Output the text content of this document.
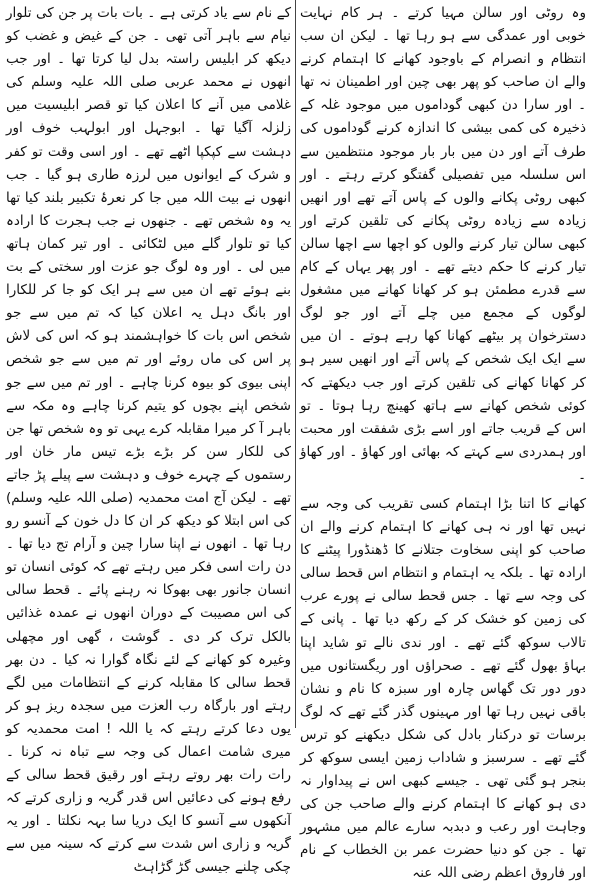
وہ روٹی اور سالن مہیا کرتے ۔ ہر کام نہایت خوبی اور عمدگی سے ہو رہا تھا ۔ لیکن ان سب انتظام و انصرام کے باوجود کھانے کا اہتمام کرنے والے ان صاحب کو پھر بھی چین اور اطمینان نہ تھا ۔ اور سارا دن کبھی گوداموں میں موجود غلہ کے ذخیرہ کی کمی بیشی کا اندازہ کرنے گوداموں کی طرف آتے اور دن میں بار بار موجود منتظمین سے اس سلسلہ میں تفصیلی گفتگو کرتے رہتے ۔ اور کبھی روٹی پکانے والوں کے پاس آتے تھے اور انھیں زیادہ سے زیادہ روٹی پکانے کی تلقین کرتے اور کبھی سالن تیار کرنے والوں کو اچھا سے اچھا سالن تیار کرنے کا حکم دیتے تھے ۔ اور پھر یہاں کے کام سے قدرے مطمئن ہو کر کھانا کھانے میں مشغول لوگوں کے مجمع میں چلے آتے اور جو لوگ دسترخوان پر بیٹھے کھانا کھا رہے ہوتے ۔ ان میں سے ایک ایک شخص کے پاس آتے اور انھیں سیر ہو کر کھانا کھانے کی تلقین کرتے اور جب دیکھتے کہ کوئی شخص کھانے سے ہاتھ کھینچ رہا ہوتا ۔ تو اس کے قریب جاتے اور اسے بڑی شفقت اور محبت اور ہمدردی سے کہتے کہ بھائی اور کھاؤ ۔ اور کھاؤ ۔

کھانے کا اتنا بڑا اہتمام کسی تقریب کی وجہ سے نہیں تھا اور نہ ہی کھانے کا اہتمام کرنے والے ان صاحب کو اپنی سخاوت جتلانے کا ڈھنڈورا پیٹنے کا ارادہ تھا ۔ بلکہ یہ اہتمام و انتظام اس قحط سالی کی وجہ سے تھا ۔ جس قحط سالی نے پورے عرب کی زمین کو خشک کر کے رکھ دیا تھا ۔ پانی کے تالاب سوکھ گئے تھے ۔ اور ندی نالے تو شاید اپنا بہاؤ بھول گئے تھے ۔ صحراؤں اور ریگستانوں میں دور دور تک گھاس چارہ اور سبزہ کا نام و نشان باقی نہیں رہا تھا اور مہینوں گذر گئے تھے کہ لوگ برسات تو درکنار بادل کی شکل دیکھنے کو ترس گئے تھے ۔ سرسبز و شاداب زمین ایسی سوکھ کر بنجر ہو گئی تھی ۔ جیسے کبھی اس نے پیداوار نہ دی ہو کھانے کا اہتمام کرنے والے صاحب جن کی وجاہت اور رعب و دبدبہ سارے عالم میں مشہور تھا ۔ جن کو دنیا حضرت عمر بن الخطاب کے نام اور فاروق اعظم رضی اللہ عنہ

کے نام سے یاد کرتی ہے ۔ بات بات پر جن کی تلوار نیام سے باہر آتی تھی ۔ جن کے غیض و غضب کو دیکھ کر ابلیس راستہ بدل لیا کرتا تھا ۔ اور جب انھوں نے محمد عربی صلی اللہ علیہ وسلم کی غلامی میں آنے کا اعلان کیا تو قصر ابلیسیت میں زلزلہ آگیا تھا ۔ ابوجہل اور ابولہب خوف اور دہشت سے کپکپا اٹھے تھے ۔ اور اسی وقت تو کفر و شرک کے ایوانوں میں لرزہ طاری ہو گیا ۔ جب انھوں نے بیت اللہ میں جا کر نعرۂ تکبیر بلند کیا تھا یہ وہ شخص تھے ۔ جنھوں نے جب ہجرت کا ارادہ کیا تو تلوار گلے میں لٹکائی ۔ اور تیر کمان ہاتھ میں لی ۔ اور وہ لوگ جو عزت اور سختی کے بت بنے ہوئے تھے ان میں سے ہر ایک کو جا کر للکارا اور بانگ دہل یہ اعلان کیا کہ تم میں سے جو شخص اس بات کا خواہشمند ہو کہ اس کی لاش پر اس کی ماں روئے اور تم میں سے جو شخص اپنی بیوی کو بیوہ کرنا چاہے ۔ اور تم میں سے جو شخص اپنے بچوں کو یتیم کرنا چاہے وہ مکہ سے باہر آ کر میرا مقابلہ کرے یہی تو وہ شخص تھا جن کی للکار سن کر بڑے بڑے تیس مار خان اور رستموں کے چہرے خوف و دہشت سے پیلے پڑ جاتے تھے ۔ لیکن آج امت محمدیہ (صلی اللہ علیہ وسلم) کی اس ابتلا کو دیکھ کر ان کا دل خون کے آنسو رو رہا تھا ۔ انھوں نے اپنا سارا چین و آرام تج دیا تھا ۔ دن رات اسی فکر میں رہتے تھے کہ کوئی انسان تو انسان جانور بھی بھوکا نہ رہنے پائے ۔ قحط سالی کی اس مصیبت کے دوران انھوں نے عمدہ غذائیں بالکل ترک کر دی ۔ گوشت ، گھی اور مچھلی وغیرہ کو کھانے کے لئے نگاہ گوارا نہ کیا ۔ دن بھر قحط سالی کا مقابلہ کرنے کے انتظامات میں لگے رہتے اور بارگاہ رب العزت میں سجدہ ریز ہو کر یوں دعا کرتے رہتے کہ یا اللہ ! امت محمدیہ کو میری شامت اعمال کی وجہ سے تباہ نہ کرنا ۔ رات رات بھر روتے رہتے اور رقیق قحط سالی کے رفع ہونے کی دعائیں اس قدر گریہ و زاری کرتے کہ آنکھوں سے آنسو کا ایک دریا سا بہہ نکلتا ۔ اور یہ گریہ و زاری اس شدت سے کرتے کہ سینہ میں سے چکی چلنے جیسی گڑ گڑاہٹ
